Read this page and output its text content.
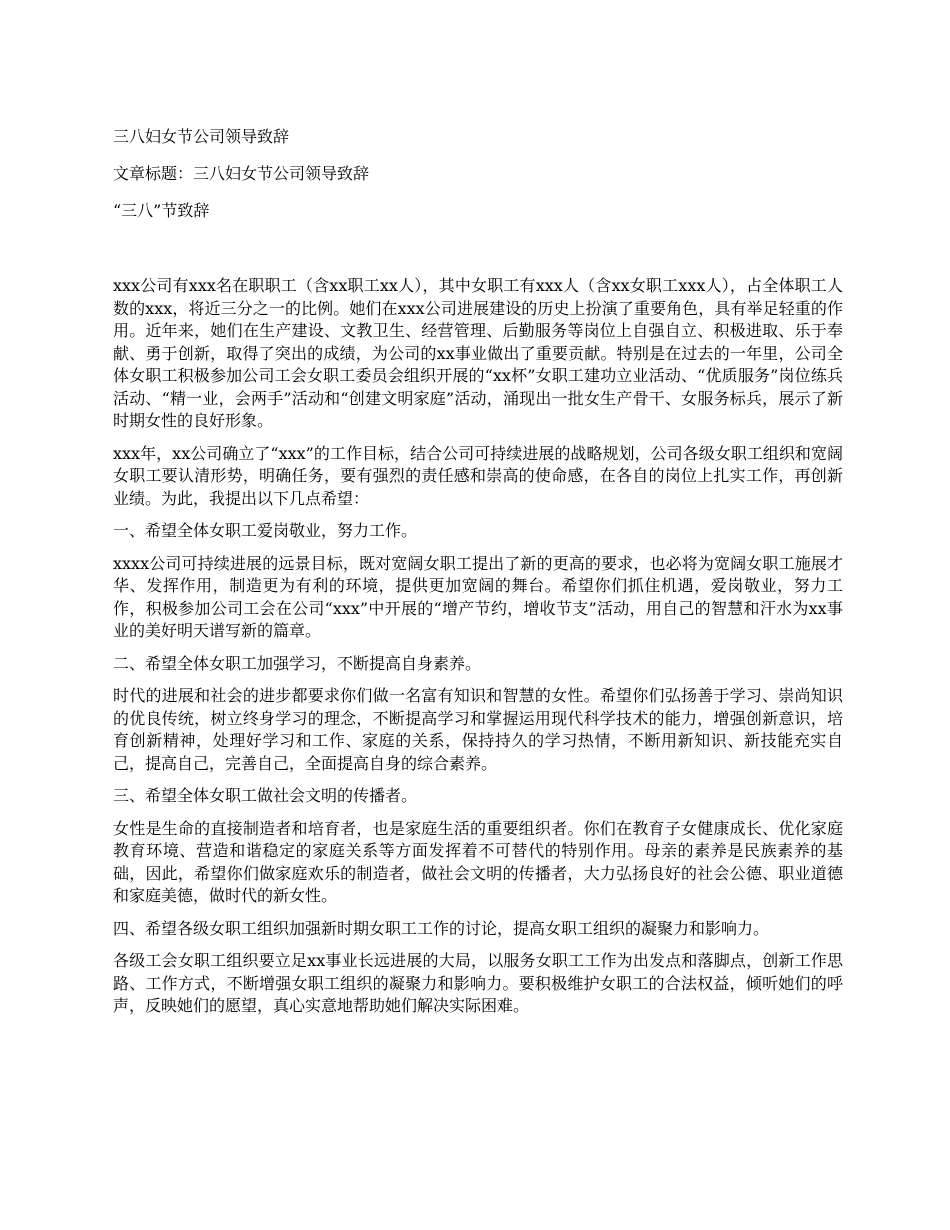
三八妇女节公司领导致辞
文章标题：三八妇女节公司领导致辞
“三八”节致辞

xxx公司有xxx名在职职工（含xx职工xx人），其中女职工有xxx人（含xx女职工xxx人），占全体职工人数的xxx，将近三分之一的比例。她们在xxx公司进展建设的历史上扮演了重要角色，具有举足轻重的作用。近年来，她们在生产建设、文教卫生、经营管理、后勤服务等岗位上自强自立、积极进取、乐于奉献、勇于创新，取得了突出的成绩，为公司的xx事业做出了重要贡献。特别是在过去的一年里，公司全体女职工积极参加公司工会女职工委员会组织开展的“xx杯”女职工建功立业活动、“优质服务”岗位练兵活动、“精一业，会两手”活动和“创建文明家庭”活动，涌现出一批女生产骨干、女服务标兵，展示了新时期女性的良好形象。

xxx年，xx公司确立了“xxx”的工作目标，结合公司可持续进展的战略规划，公司各级女职工组织和宽阔女职工要认清形势，明确任务，要有强烈的责任感和崇高的使命感，在各自的岗位上扎实工作，再创新业绩。为此，我提出以下几点希望：

一、希望全体女职工爱岗敬业，努力工作。

xxxx公司可持续进展的远景目标，既对宽阔女职工提出了新的更高的要求，也必将为宽阔女职工施展才华、发挥作用，制造更为有利的环境，提供更加宽阔的舞台。希望你们抓住机遇，爱岗敬业，努力工作，积极参加公司工会在公司“xxx”中开展的“增产节约，增收节支”活动，用自己的智慧和汗水为xx事业的美好明天谱写新的篇章。

二、希望全体女职工加强学习，不断提高自身素养。

时代的进展和社会的进步都要求你们做一名富有知识和智慧的女性。希望你们弘扬善于学习、崇尚知识的优良传统，树立终身学习的理念，不断提高学习和掌握运用现代科学技术的能力，增强创新意识，培育创新精神，处理好学习和工作、家庭的关系，保持持久的学习热情，不断用新知识、新技能充实自己，提高自己，完善自己，全面提高自身的综合素养。

三、希望全体女职工做社会文明的传播者。

女性是生命的直接制造者和培育者，也是家庭生活的重要组织者。你们在教育子女健康成长、优化家庭教育环境、营造和谐稳定的家庭关系等方面发挥着不可替代的特别作用。母亲的素养是民族素养的基础，因此，希望你们做家庭欢乐的制造者，做社会文明的传播者，大力弘扬良好的社会公德、职业道德和家庭美德，做时代的新女性。

四、希望各级女职工组织加强新时期女职工工作的讨论，提高女职工组织的凝聚力和影响力。

各级工会女职工组织要立足xx事业长远进展的大局，以服务女职工工作为出发点和落脚点，创新工作思路、工作方式，不断增强女职工组织的凝聚力和影响力。要积极维护女职工的合法权益，倾听她们的呼声，反映她们的愿望，真心实意地帮助她们解决实际困难。
